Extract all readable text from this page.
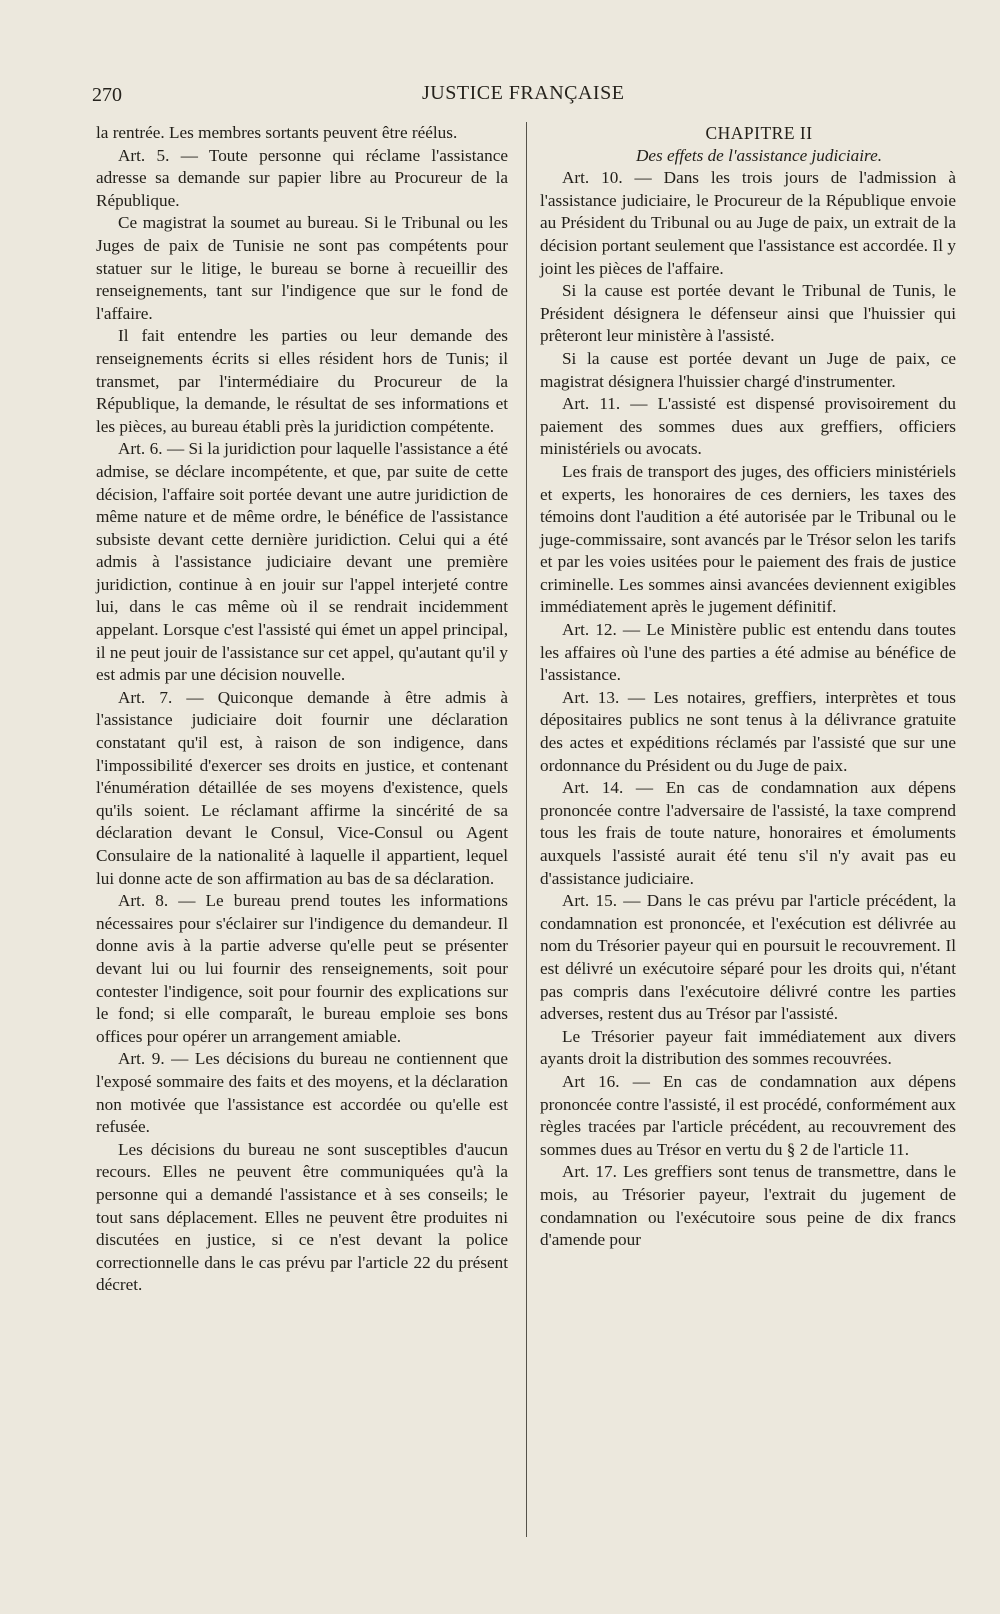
270	JUSTICE FRANÇAISE

la rentrée. Les membres sortants peuvent être réélus.

Art. 5. — Toute personne qui réclame l'assistance adresse sa demande sur papier libre au Procureur de la République.

Ce magistrat la soumet au bureau. Si le Tribunal ou les Juges de paix de Tunisie ne sont pas compétents pour statuer sur le litige, le bureau se borne à recueillir des renseignements, tant sur l'indigence que sur le fond de l'affaire.

Il fait entendre les parties ou leur demande des renseignements écrits si elles résident hors de Tunis; il transmet, par l'intermédiaire du Procureur de la République, la demande, le résultat de ses informations et les pièces, au bureau établi près la juridiction compétente.

Art. 6. — Si la juridiction pour laquelle l'assistance a été admise, se déclare incompétente, et que, par suite de cette décision, l'affaire soit portée devant une autre juridiction de même nature et de même ordre, le bénéfice de l'assistance subsiste devant cette dernière juridiction. Celui qui a été admis à l'assistance judiciaire devant une première juridiction, continue à en jouir sur l'appel interjeté contre lui, dans le cas même où il se rendrait incidemment appelant. Lorsque c'est l'assisté qui émet un appel principal, il ne peut jouir de l'assistance sur cet appel, qu'autant qu'il y est admis par une décision nouvelle.

Art. 7. — Quiconque demande à être admis à l'assistance judiciaire doit fournir une déclaration constatant qu'il est, à raison de son indigence, dans l'impossibilité d'exercer ses droits en justice, et contenant l'énumération détaillée de ses moyens d'existence, quels qu'ils soient. Le réclamant affirme la sincérité de sa déclaration devant le Consul, Vice-Consul ou Agent Consulaire de la nationalité à laquelle il appartient, lequel lui donne acte de son affirmation au bas de sa déclaration.

Art. 8. — Le bureau prend toutes les informations nécessaires pour s'éclairer sur l'indigence du demandeur. Il donne avis à la partie adverse qu'elle peut se présenter devant lui ou lui fournir des renseignements, soit pour contester l'indigence, soit pour fournir des explications sur le fond; si elle comparaît, le bureau emploie ses bons offices pour opérer un arrangement amiable.

Art. 9. — Les décisions du bureau ne contiennent que l'exposé sommaire des faits et des moyens, et la déclaration non motivée que l'assistance est accordée ou qu'elle est refusée.

Les décisions du bureau ne sont susceptibles d'aucun recours. Elles ne peuvent être communiquées qu'à la personne qui a demandé l'assistance et à ses conseils; le tout sans déplacement. Elles ne peuvent être produites ni discutées en justice, si ce n'est devant la police correctionnelle dans le cas prévu par l'article 22 du présent décret.

CHAPITRE II

Des effets de l'assistance judiciaire.

Art. 10. — Dans les trois jours de l'admission à l'assistance judiciaire, le Procureur de la République envoie au Président du Tribunal ou au Juge de paix, un extrait de la décision portant seulement que l'assistance est accordée. Il y joint les pièces de l'affaire.

Si la cause est portée devant le Tribunal de Tunis, le Président désignera le défenseur ainsi que l'huissier qui prêteront leur ministère à l'assisté.

Si la cause est portée devant un Juge de paix, ce magistrat désignera l'huissier chargé d'instrumenter.

Art. 11. — L'assisté est dispensé provisoirement du paiement des sommes dues aux greffiers, officiers ministériels ou avocats.

Les frais de transport des juges, des officiers ministériels et experts, les honoraires de ces derniers, les taxes des témoins dont l'audition a été autorisée par le Tribunal ou le juge-commissaire, sont avancés par le Trésor selon les tarifs et par les voies usitées pour le paiement des frais de justice criminelle. Les sommes ainsi avancées deviennent exigibles immédiatement après le jugement définitif.

Art. 12. — Le Ministère public est entendu dans toutes les affaires où l'une des parties a été admise au bénéfice de l'assistance.

Art. 13. — Les notaires, greffiers, interprètes et tous dépositaires publics ne sont tenus à la délivrance gratuite des actes et expéditions réclamés par l'assisté que sur une ordonnance du Président ou du Juge de paix.

Art. 14. — En cas de condamnation aux dépens prononcée contre l'adversaire de l'assisté, la taxe comprend tous les frais de toute nature, honoraires et émoluments auxquels l'assisté aurait été tenu s'il n'y avait pas eu d'assistance judiciaire.

Art. 15. — Dans le cas prévu par l'article précédent, la condamnation est prononcée, et l'exécution est délivrée au nom du Trésorier payeur qui en poursuit le recouvrement. Il est délivré un exécutoire séparé pour les droits qui, n'étant pas compris dans l'exécutoire délivré contre les parties adverses, restent dus au Trésor par l'assisté.

Le Trésorier payeur fait immédiatement aux divers ayants droit la distribution des sommes recouvrées.

Art 16. — En cas de condamnation aux dépens prononcée contre l'assisté, il est procédé, conformément aux règles tracées par l'article précédent, au recouvrement des sommes dues au Trésor en vertu du § 2 de l'article 11.

Art. 17. Les greffiers sont tenus de transmettre, dans le mois, au Trésorier payeur, l'extrait du jugement de condamnation ou l'exécutoire sous peine de dix francs d'amende pour
